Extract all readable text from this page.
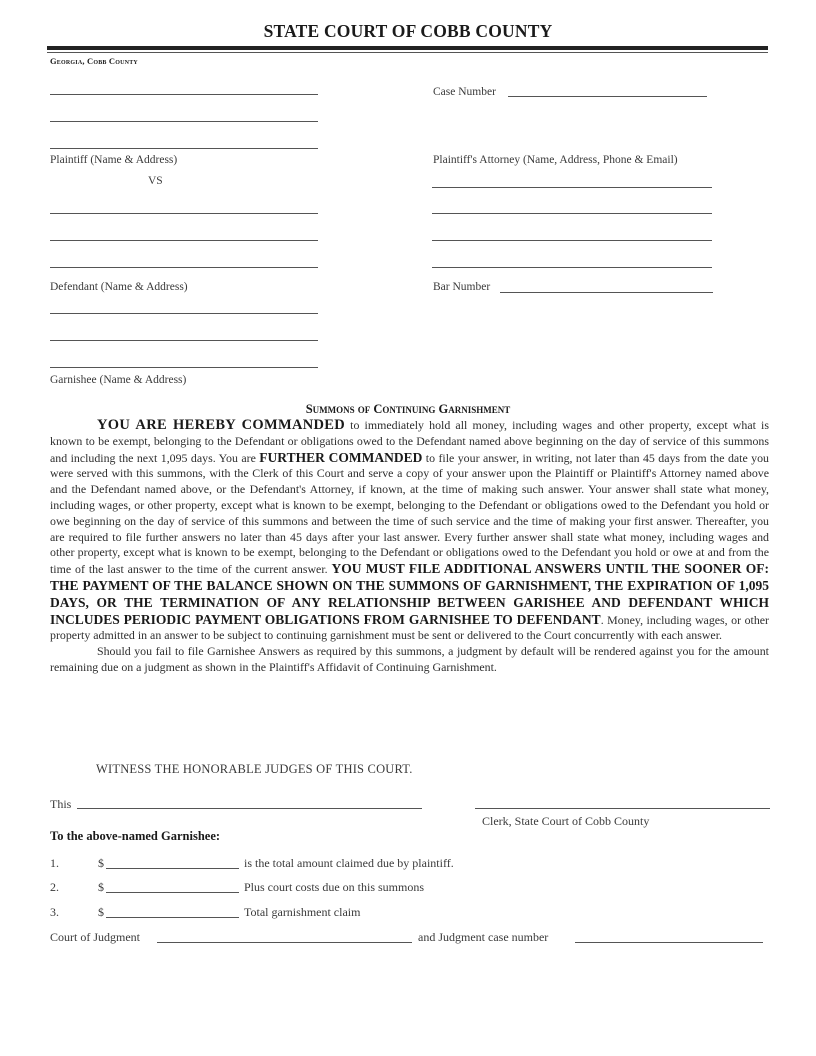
STATE COURT OF COBB COUNTY
Georgia, Cobb County
Plaintiff (Name & Address)
VS
Defendant (Name & Address)
Garnishee (Name & Address)
Case Number
Plaintiff's Attorney (Name, Address, Phone & Email)
Bar Number
Summons of Continuing Garnishment

YOU ARE HEREBY COMMANDED to immediately hold all money, including wages and other property, except what is known to be exempt, belonging to the Defendant or obligations owed to the Defendant named above beginning on the day of service of this summons and including the next 1,095 days. You are FURTHER COMMANDED to file your answer, in writing, not later than 45 days from the date you were served with this summons, with the Clerk of this Court and serve a copy of your answer upon the Plaintiff or Plaintiff's Attorney named above and the Defendant named above, or the Defendant's Attorney, if known, at the time of making such answer. Your answer shall state what money, including wages, or other property, except what is known to be exempt, belonging to the Defendant or obligations owed to the Defendant you hold or owe beginning on the day of service of this summons and between the time of such service and the time of making your first answer. Thereafter, you are required to file further answers no later than 45 days after your last answer. Every further answer shall state what money, including wages and other property, except what is known to be exempt, belonging to the Defendant or obligations owed to the Defendant you hold or owe at and from the time of the last answer to the time of the current answer. YOU MUST FILE ADDITIONAL ANSWERS UNTIL THE SOONER OF: THE PAYMENT OF THE BALANCE SHOWN ON THE SUMMONS OF GARNISHMENT, THE EXPIRATION OF 1,095 DAYS, OR THE TERMINATION OF ANY RELATIONSHIP BETWEEN GARISHEE AND DEFENDANT WHICH INCLUDES PERIODIC PAYMENT OBLIGATIONS FROM GARNISHEE TO DEFENDANT. Money, including wages, or other property admitted in an answer to be subject to continuing garnishment must be sent or delivered to the Court concurrently with each answer.

Should you fail to file Garnishee Answers as required by this summons, a judgment by default will be rendered against you for the amount remaining due on a judgment as shown in the Plaintiff's Affidavit of Continuing Garnishment.

WITNESS THE HONORABLE JUDGES OF THIS COURT.
This
Clerk, State Court of Cobb County
To the above-named Garnishee:
1.	$	is the total amount claimed due by plaintiff.
2.	$	Plus court costs due on this summons
3.	$	Total garnishment claim
Court of Judgment	and Judgment case number
